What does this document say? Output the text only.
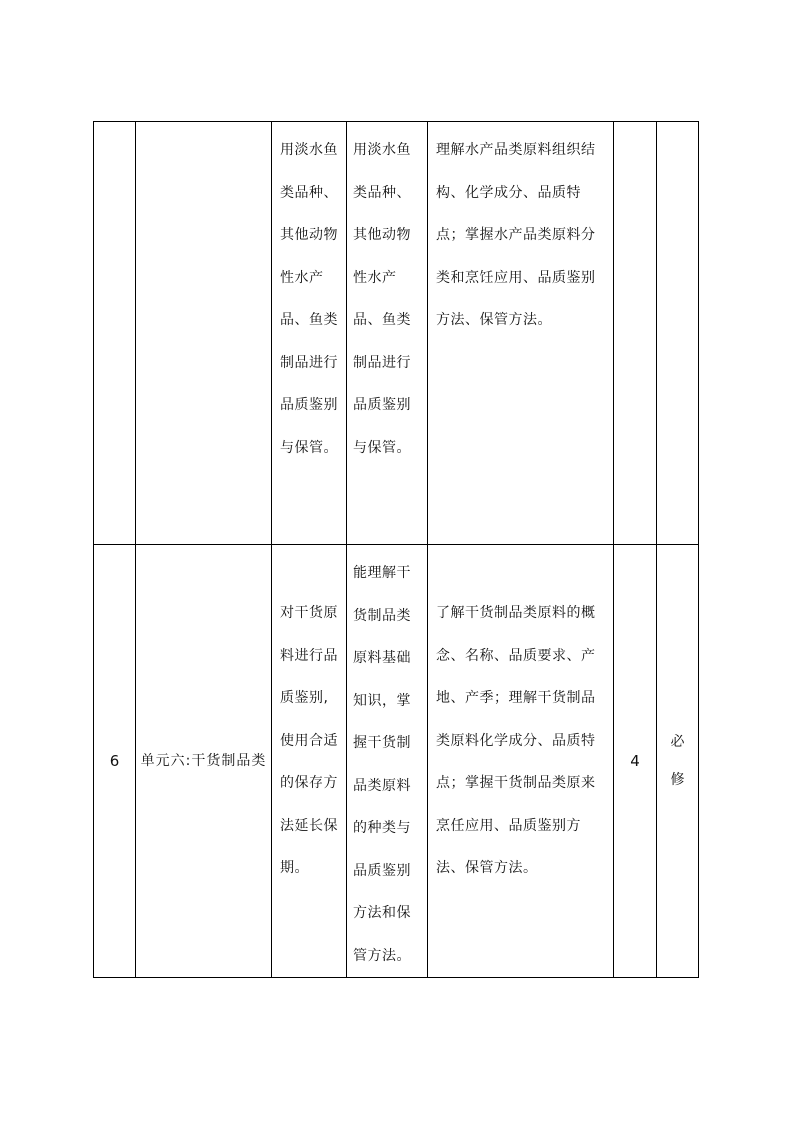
		用淡水鱼类品种、其他动物性水产品、鱼类制品进行品质鉴别与保管。	用淡水鱼类品种、其他动物性水产品、鱼类制品进行品质鉴别与保管。	理解水产品类原料组织结构、化学成分、品质特点；掌握水产品类原料分类和烹饪应用、品质鉴别方法、保管方法。		

6	单元六:干货制品类	对干货原料进行品质鉴别,使用合适的保存方法延长保期。	能理解干货制品类原料基础知识，掌握干货制品类原料的种类与品质鉴别方法和保管方法。	了解干货制品类原料的概念、名称、品质要求、产地、产季；理解干货制品类原料化学成分、品质特点；掌握干货制品类原来烹任应用、品质鉴别方法、保管方法。	4	必修
